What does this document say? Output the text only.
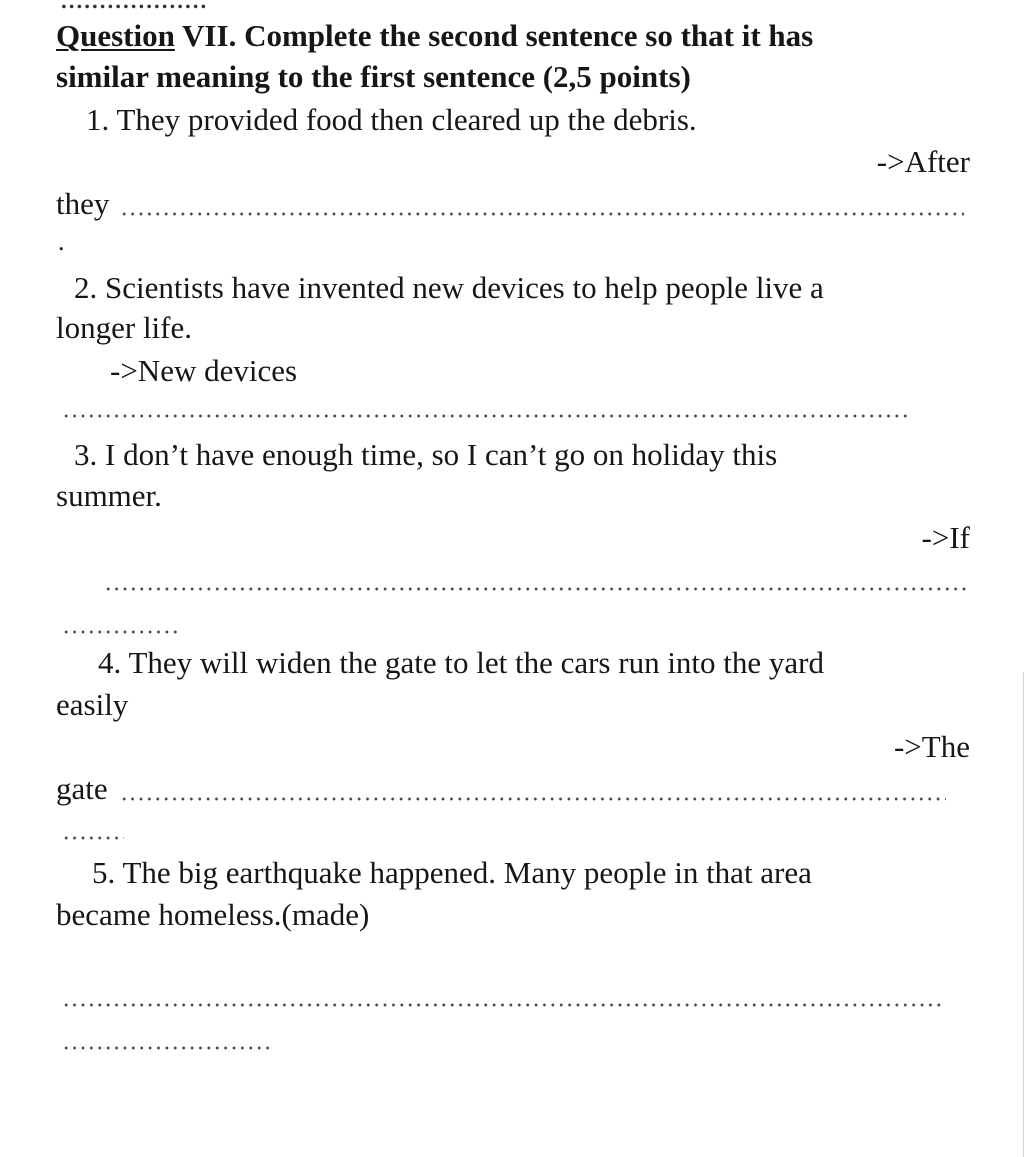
Question VII. Complete the second sentence so that it has
similar meaning to the first sentence (2,5 points)
1. They provided food then cleared up the debris.
->After
they
.
2. Scientists have invented new devices to help people live a
longer life.
->New devices
3. I don’t have enough time, so I can’t go on holiday this
summer.
->If
4. They will widen the gate to let the cars run into the yard
easily
->The
gate
5. The big earthquake happened. Many people in that area
became homeless.(made)
